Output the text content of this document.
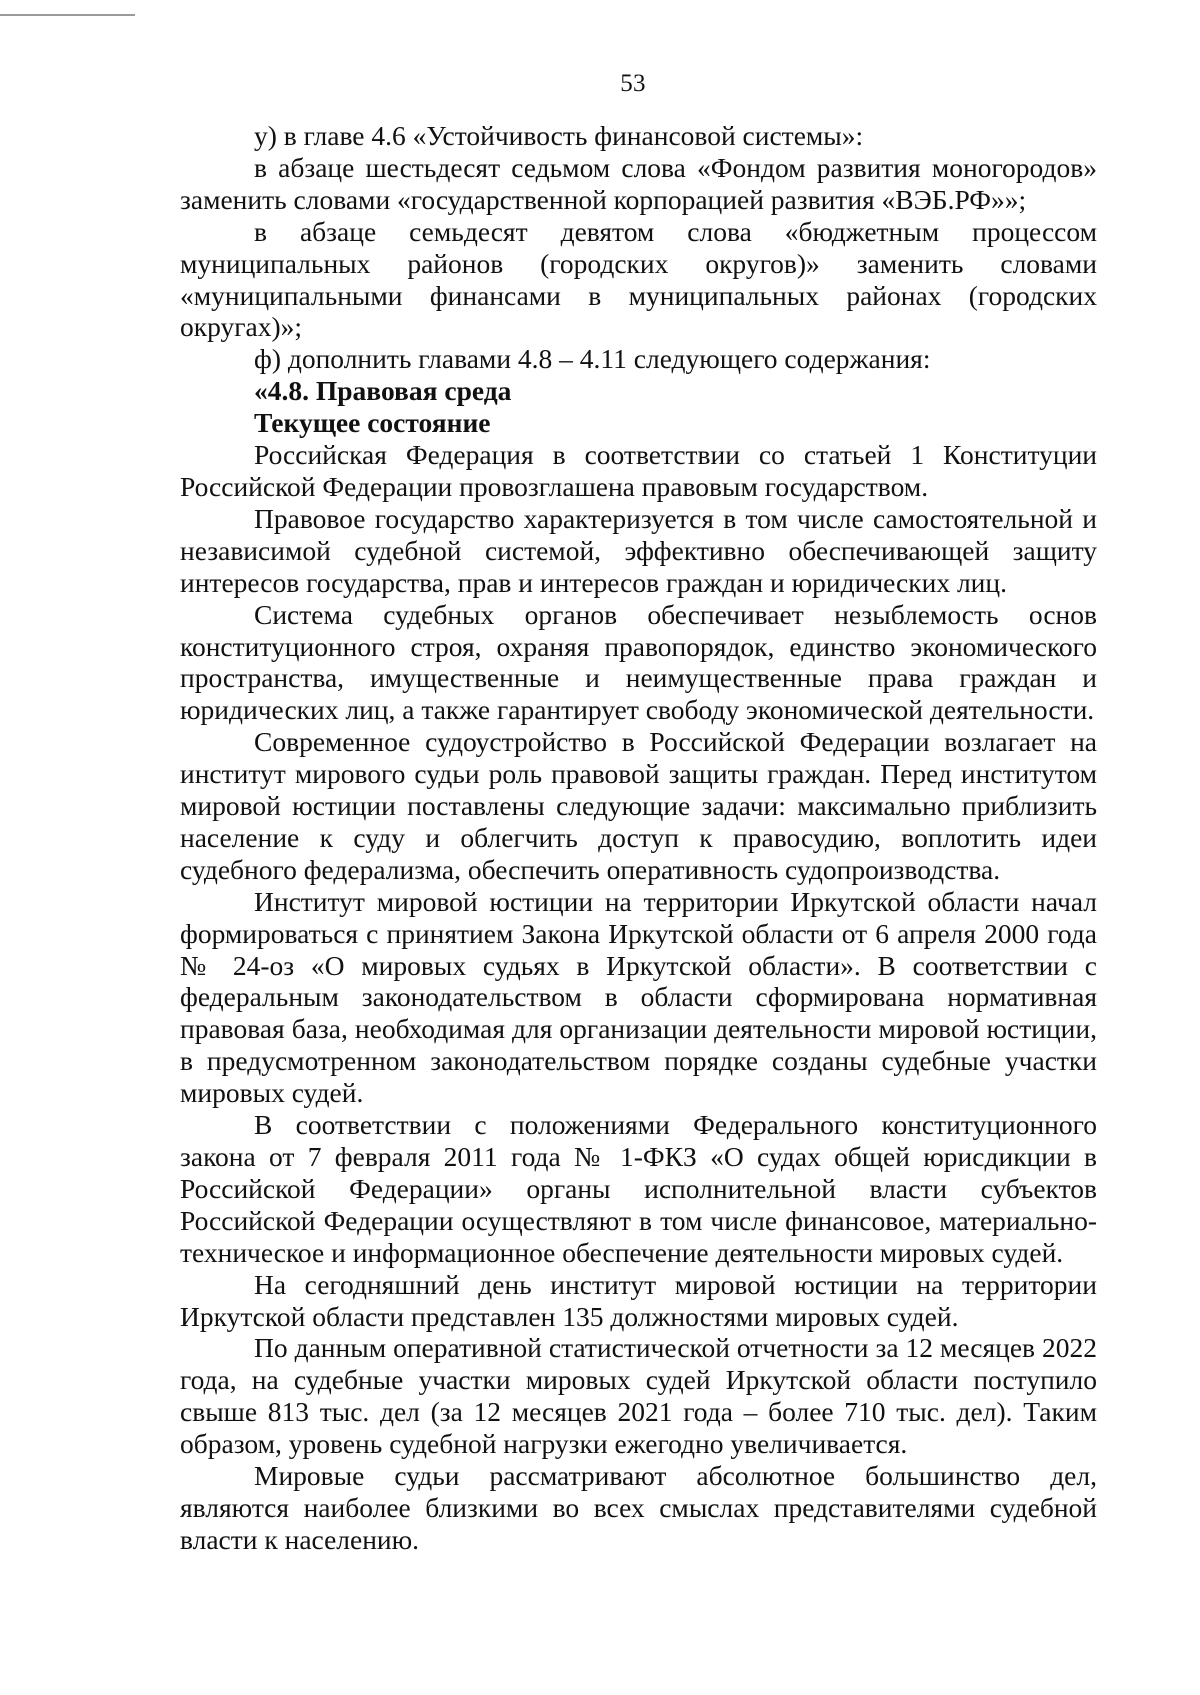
53

у) в главе 4.6 «Устойчивость финансовой системы»:

в абзаце шестьдесят седьмом слова «Фондом развития моногородов» заменить словами «государственной корпорацией развития «ВЭБ.РФ»»;

в абзаце семьдесят девятом слова «бюджетным процессом муниципальных районов (городских округов)» заменить словами «муниципальными финансами в муниципальных районах (городских округах)»;

ф) дополнить главами 4.8 – 4.11 следующего содержания:

«4.8. Правовая среда

Текущее состояние

Российская Федерация в соответствии со статьей 1 Конституции Российской Федерации провозглашена правовым государством.

Правовое государство характеризуется в том числе самостоятельной и независимой судебной системой, эффективно обеспечивающей защиту интересов государства, прав и интересов граждан и юридических лиц.

Система судебных органов обеспечивает незыблемость основ конституционного строя, охраняя правопорядок, единство экономического пространства, имущественные и неимущественные права граждан и юридических лиц, а также гарантирует свободу экономической деятельности.

Современное судоустройство в Российской Федерации возлагает на институт мирового судьи роль правовой защиты граждан. Перед институтом мировой юстиции поставлены следующие задачи: максимально приблизить население к суду и облегчить доступ к правосудию, воплотить идеи судебного федерализма, обеспечить оперативность судопроизводства.

Институт мировой юстиции на территории Иркутской области начал формироваться с принятием Закона Иркутской области от 6 апреля 2000 года № 24-оз «О мировых судьях в Иркутской области». В соответствии с федеральным законодательством в области сформирована нормативная правовая база, необходимая для организации деятельности мировой юстиции, в предусмотренном законодательством порядке созданы судебные участки мировых судей.

В соответствии с положениями Федерального конституционного закона от 7 февраля 2011 года № 1-ФКЗ «О судах общей юрисдикции в Российской Федерации» органы исполнительной власти субъектов Российской Федерации осуществляют в том числе финансовое, материально-техническое и информационное обеспечение деятельности мировых судей.

На сегодняшний день институт мировой юстиции на территории Иркутской области представлен 135 должностями мировых судей.

По данным оперативной статистической отчетности за 12 месяцев 2022 года, на судебные участки мировых судей Иркутской области поступило свыше 813 тыс. дел (за 12 месяцев 2021 года – более 710 тыс. дел). Таким образом, уровень судебной нагрузки ежегодно увеличивается.

Мировые судьи рассматривают абсолютное большинство дел, являются наиболее близкими во всех смыслах представителями судебной власти к населению.
